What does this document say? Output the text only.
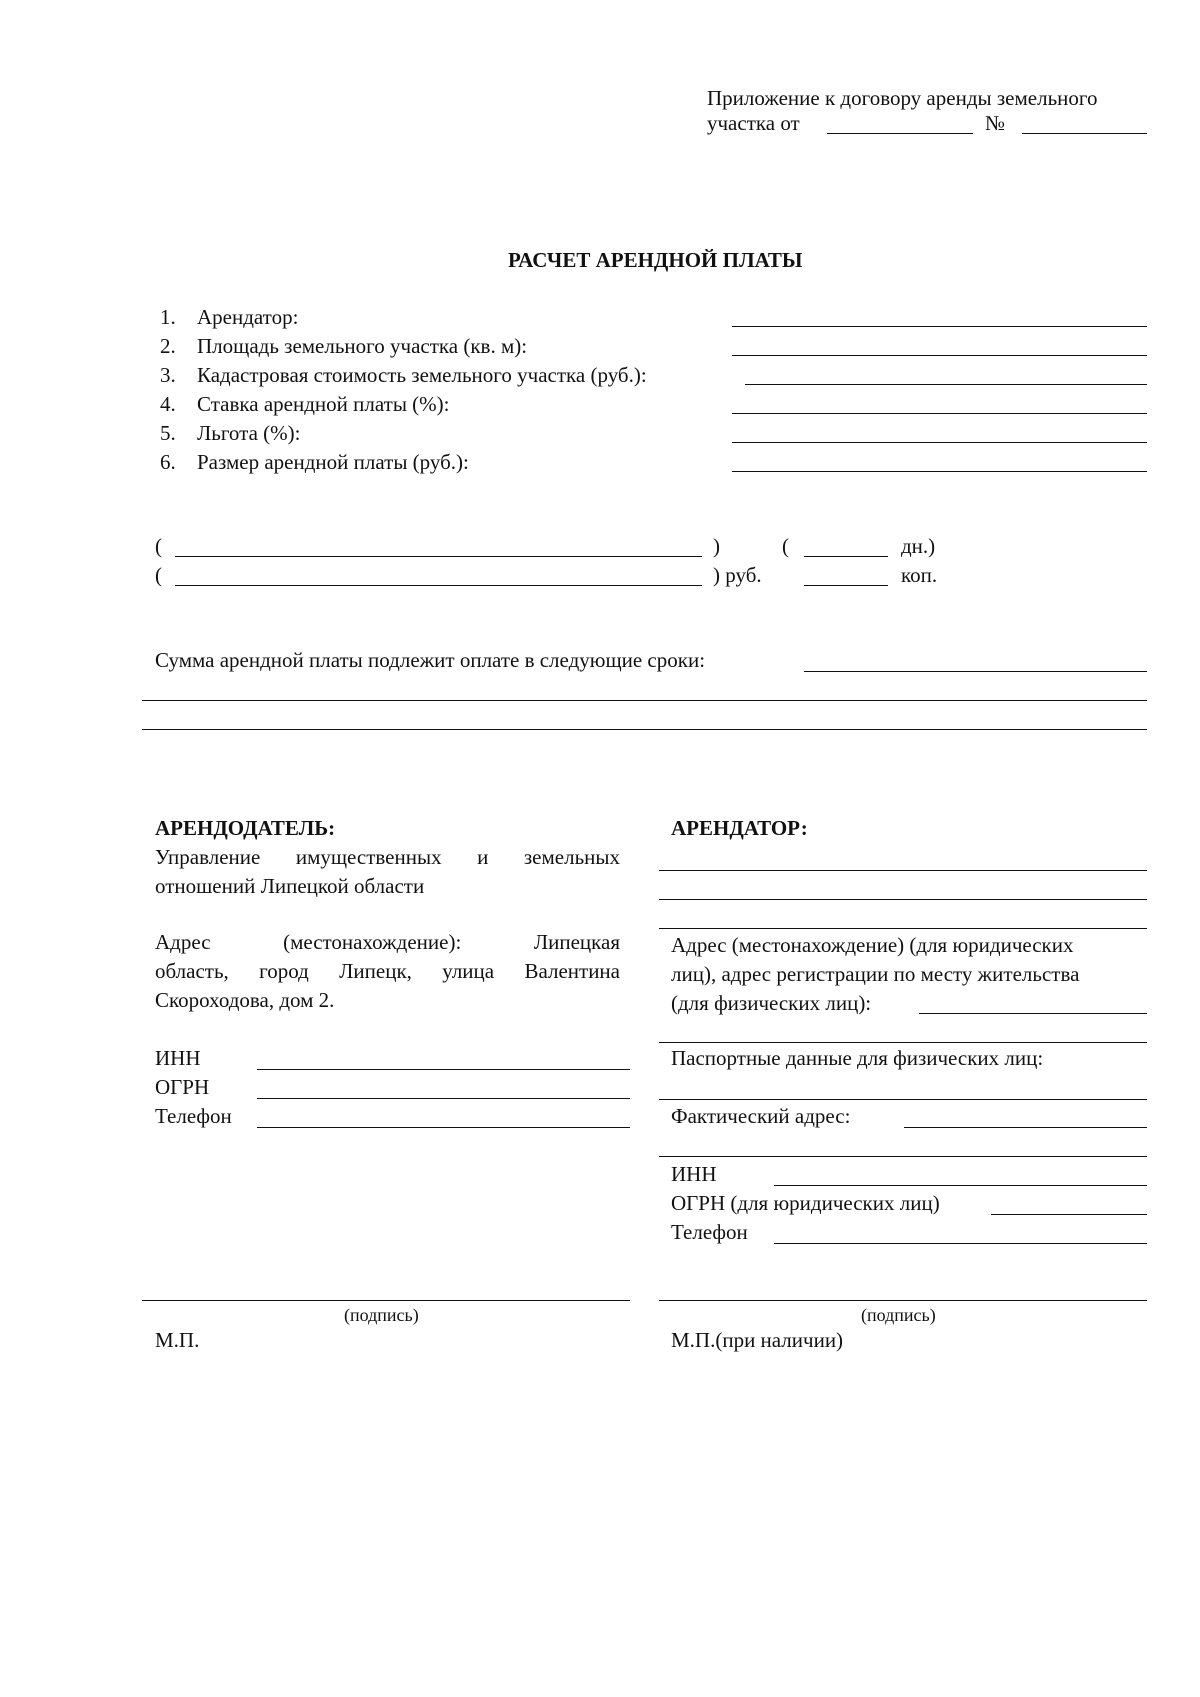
Приложение к договору аренды земельного
участка от	№
РАСЧЕТ АРЕНДНОЙ ПЛАТЫ
1. Арендатор:
2. Площадь земельного участка (кв. м):
3. Кадастровая стоимость земельного участка (руб.):
4. Ставка арендной платы (%):
5. Льгота (%):
6. Размер арендной платы (руб.):
(	)	(	дн.)
(	) руб.	коп.
Сумма арендной платы подлежит оплате в следующие сроки:
АРЕНДОДАТЕЛЬ:
Управление имущественных и земельных
отношений Липецкой области
Адрес (местонахождение): Липецкая
область, город Липецк, улица Валентина
Скороходова, дом 2.
ИНН
ОГРН
Телефон
(подпись)
М.П.
АРЕНДАТОР:
Адрес (местонахождение) (для юридических
лиц), адрес регистрации по месту жительства
(для физических лиц):
Паспортные данные для физических лиц:
Фактический адрес:
ИНН
ОГРН (для юридических лиц)
Телефон
(подпись)
М.П.(при наличии)
